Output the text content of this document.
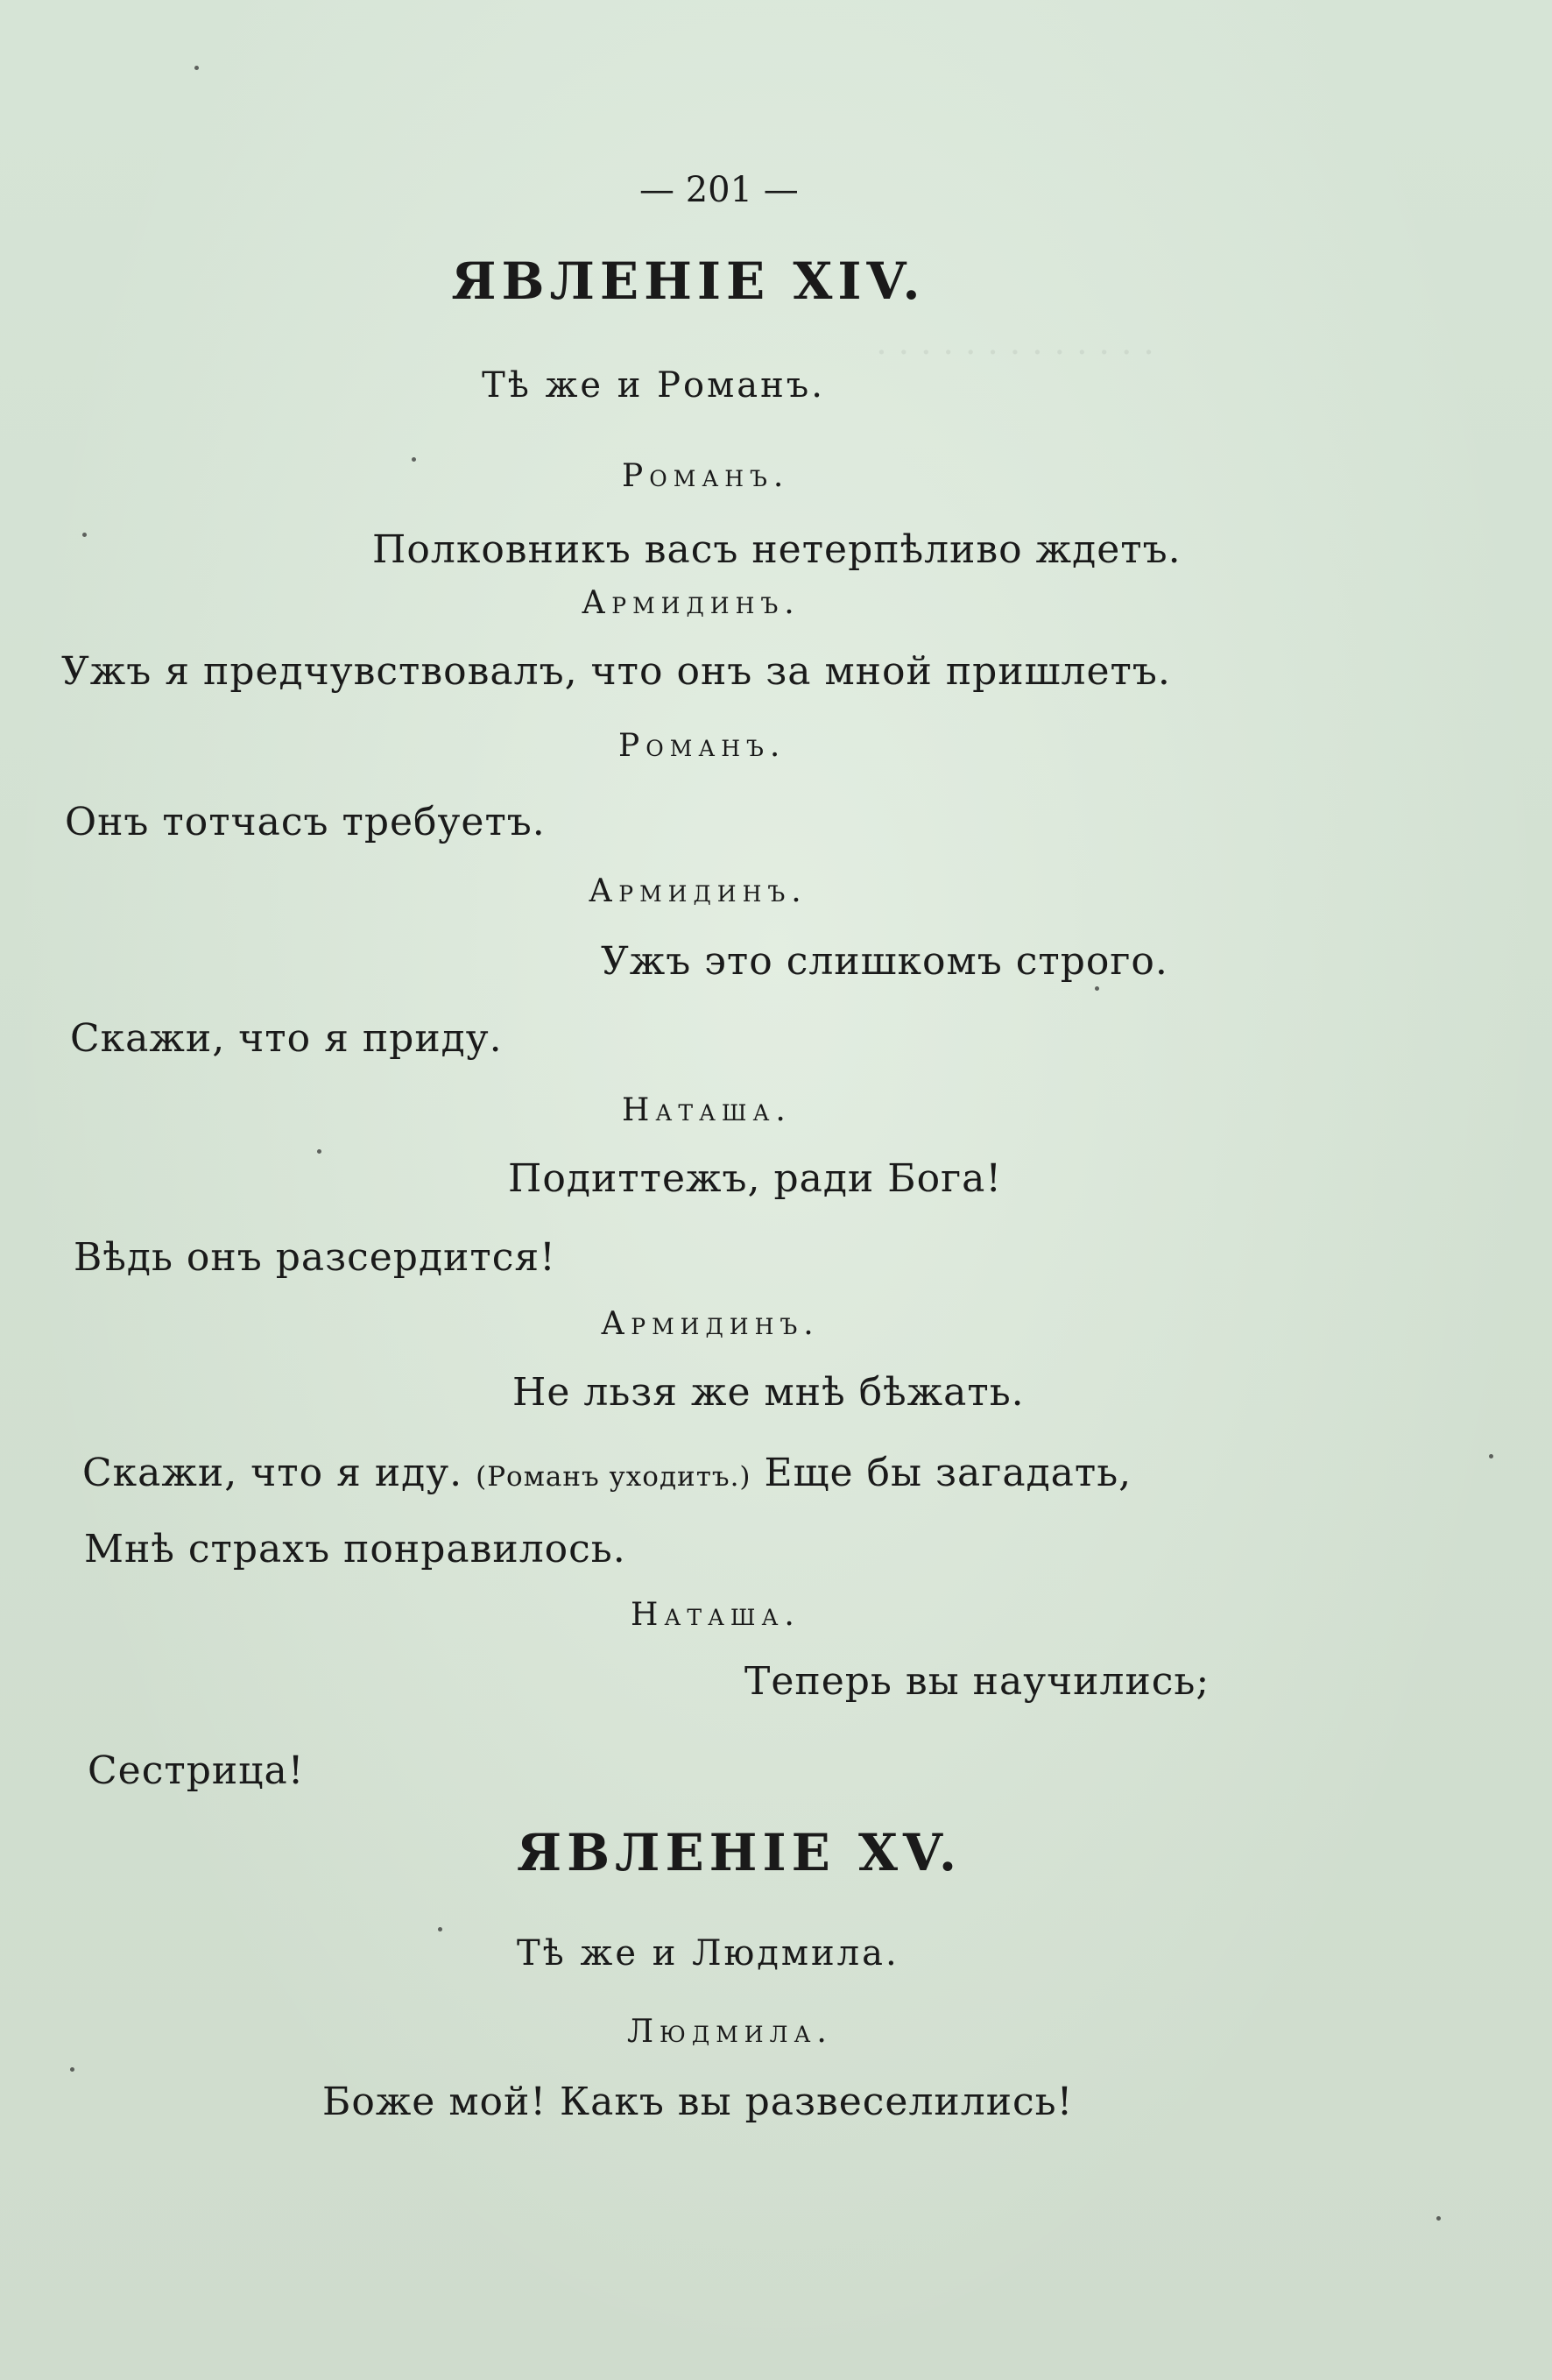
· · · · · · · · · · · · ·
— 201 —
ЯВЛЕНІЕ XIV.
Тѣ же и Романъ.
Романъ.
Полковникъ васъ нетерпѣливо ждетъ.
Армидинъ.
Ужъ я предчувствовалъ, что онъ за мной пришлетъ.
Романъ.
Онъ тотчасъ требуетъ.
Армидинъ.
Ужъ это слишкомъ строго.
Скажи, что я приду.
Наташа.
Подиттежъ, ради Бога!
Вѣдь онъ разсердится!
Армидинъ.
Не льзя же мнѣ бѣжать.
Скажи, что я иду. (Романъ уходитъ.) Еще бы загадать,
Мнѣ страхъ понравилось.
Наташа.
Теперь вы научились;
Сестрица!
ЯВЛЕНІЕ XV.
Тѣ же и Людмила.
Людмила.
Боже мой! Какъ вы развеселились!
